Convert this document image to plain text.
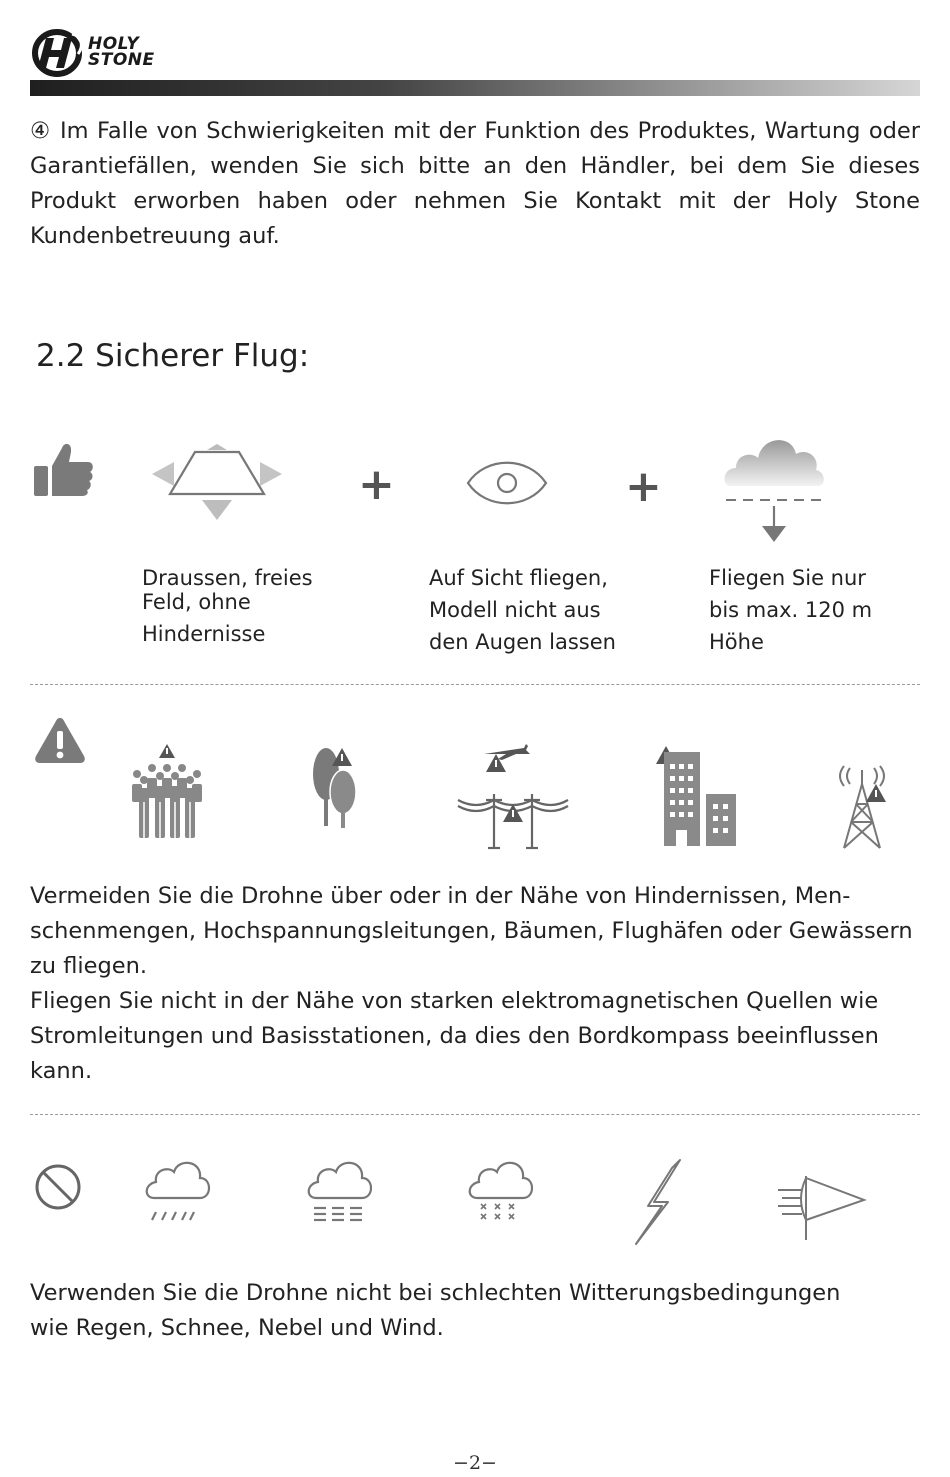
HOLY
STONE
④ Im Falle von Schwierigkeiten mit der Funktion des Produktes, Wartung oder Garantiefällen, wenden Sie sich bitte an den Händler, bei dem Sie dieses Produkt erworben haben oder nehmen Sie Kontakt mit der Holy Stone
Kundenbetreuung auf.
2.2 Sicherer Flug:
+	+
Draussen, freies
Feld, ohne
Hindernisse
Auf Sicht fliegen,
Modell nicht aus
den Augen lassen
Fliegen Sie nur
bis max. 120 m
Höhe
Vermeiden Sie die Drohne über oder in der Nähe von Hindernissen, Men-
schenmengen, Hochspannungsleitungen, Bäumen, Flughäfen oder Gewässern
zu fliegen.
Fliegen Sie nicht in der Nähe von starken elektromagnetischen Quellen wie
Stromleitungen und Basisstationen, da dies den Bordkompass beeinflussen
kann.
Verwenden Sie die Drohne nicht bei schlechten Witterungsbedingungen
wie Regen, Schnee, Nebel und Wind.
−2−
